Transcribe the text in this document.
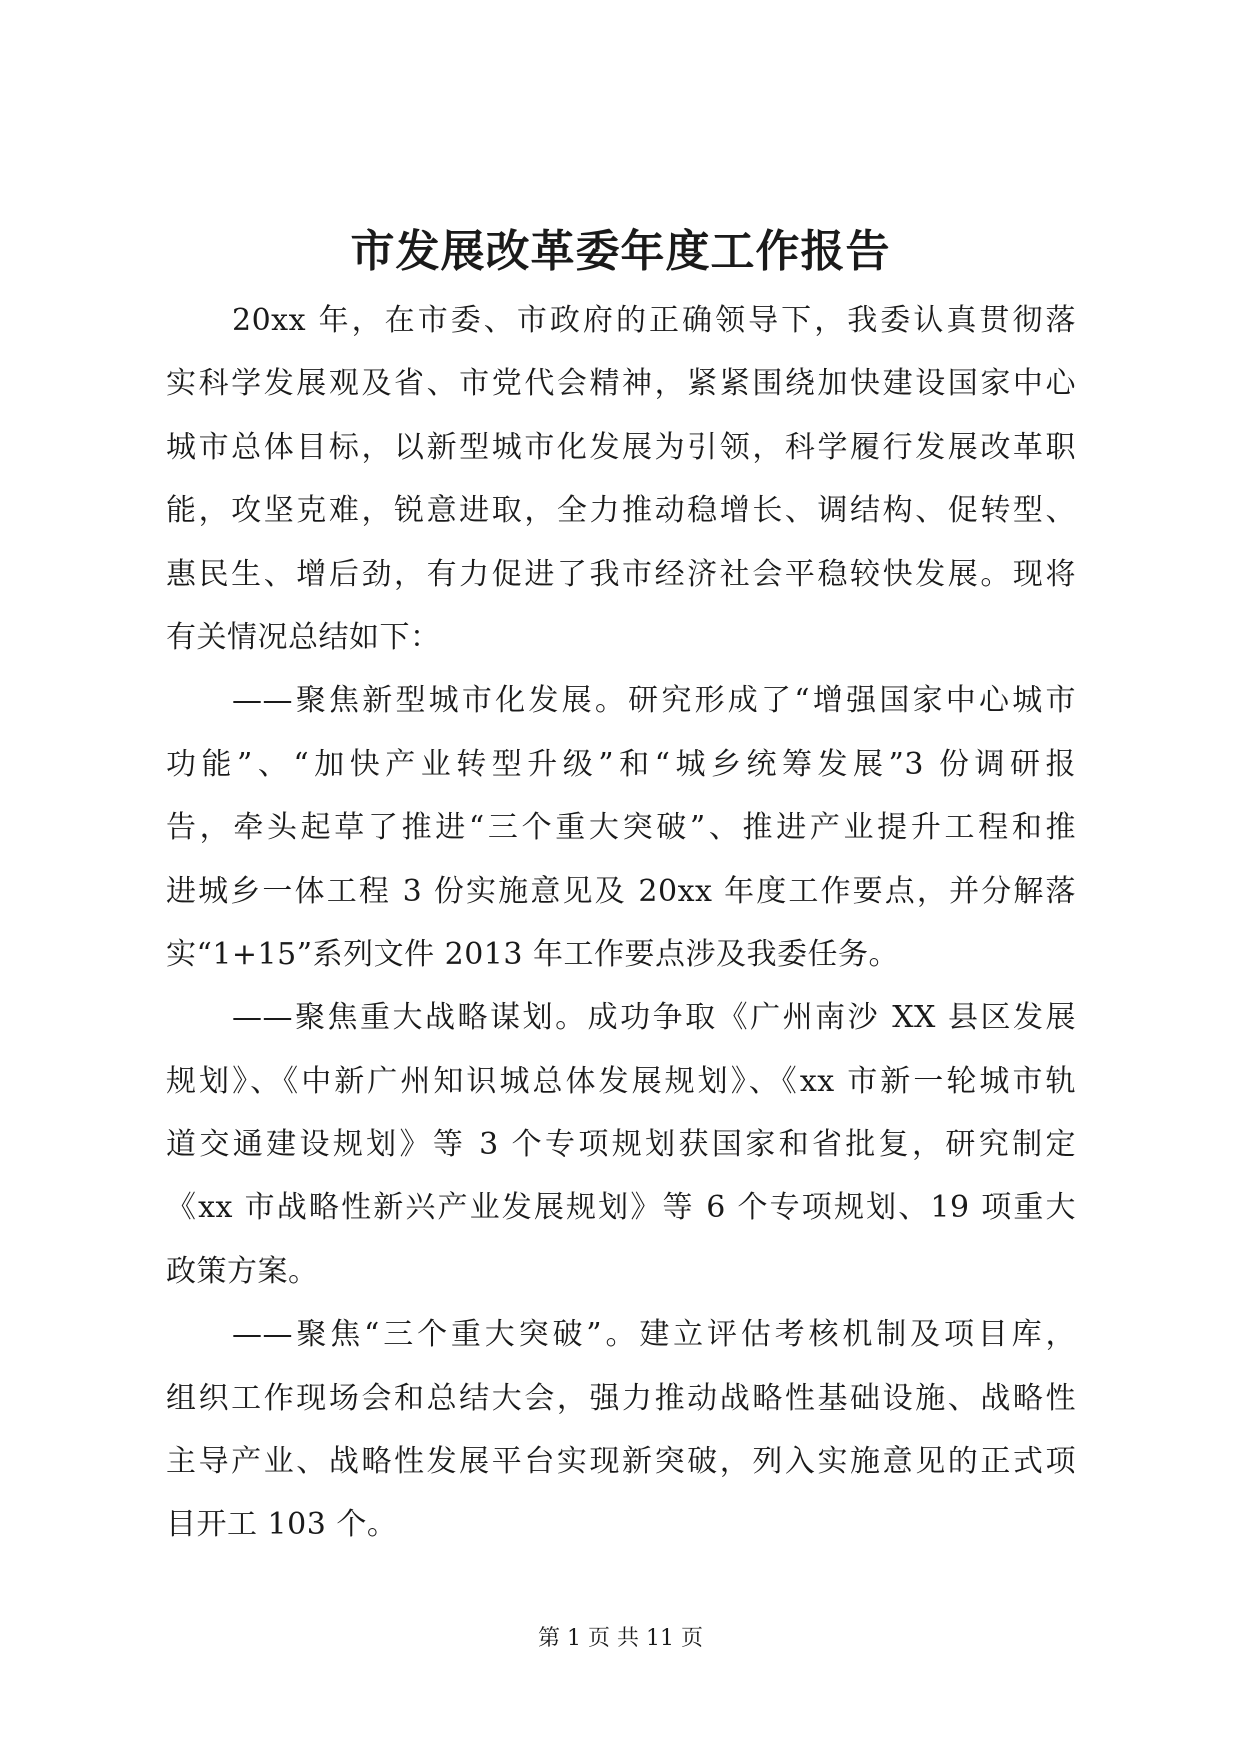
市发展改革委年度工作报告
20xx 年，在市委、市政府的正确领导下，我委认真贯彻落
实科学发展观及省、市党代会精神，紧紧围绕加快建设国家中心
城市总体目标，以新型城市化发展为引领，科学履行发展改革职
能，攻坚克难，锐意进取，全力推动稳增长、调结构、促转型、
惠民生、增后劲，有力促进了我市经济社会平稳较快发展。现将
有关情况总结如下：
——聚焦新型城市化发展。研究形成了“增强国家中心城市
功能”、“加快产业转型升级”和“城乡统筹发展”3 份调研报
告，牵头起草了推进“三个重大突破”、推进产业提升工程和推
进城乡一体工程 3 份实施意见及 20xx 年度工作要点，并分解落
实“1+15”系列文件 2013 年工作要点涉及我委任务。
——聚焦重大战略谋划。成功争取《广州南沙 XX 县区发展
规划》、《中新广州知识城总体发展规划》、《xx 市新一轮城市轨
道交通建设规划》等 3 个专项规划获国家和省批复，研究制定
《xx 市战略性新兴产业发展规划》等 6 个专项规划、19 项重大
政策方案。
——聚焦“三个重大突破”。建立评估考核机制及项目库，
组织工作现场会和总结大会，强力推动战略性基础设施、战略性
主导产业、战略性发展平台实现新突破，列入实施意见的正式项
目开工 103 个。
第 1 页 共 11 页
